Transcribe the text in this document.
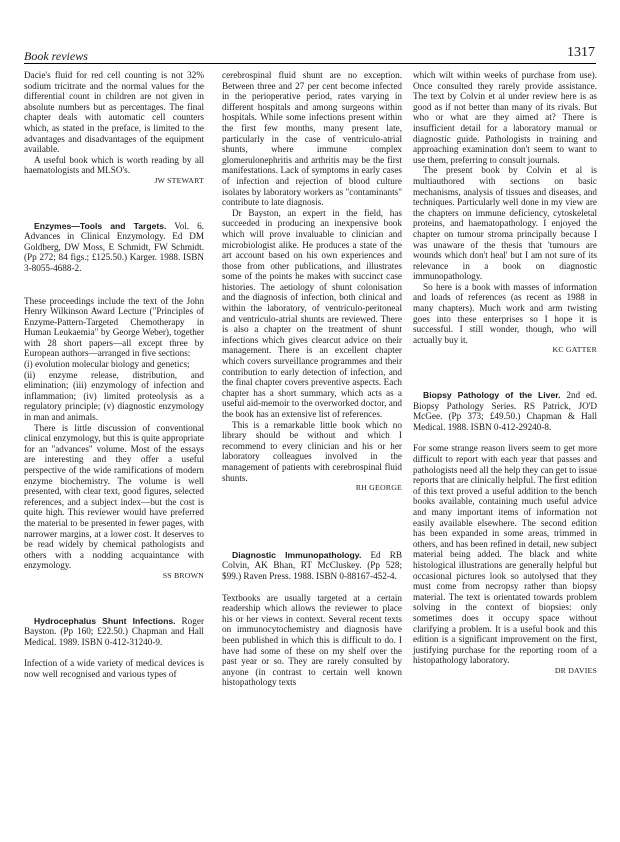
Book reviews	1317

Dacie's fluid for red cell counting is not 32% sodium tricitrate and the normal values for the differential count in children are not given in absolute numbers but as percentages. The final chapter deals with automatic cell counters which, as stated in the preface, is limited to the advantages and disadvantages of the equipment available.

A useful book which is worth reading by all haematologists and MLSO's.

JW STEWART

Enzymes—Tools and Targets. Vol. 6. Advances in Clinical Enzymology. Ed DM Goldberg, DW Moss, E Schmidt, FW Schmidt. (Pp 272; 84 figs.; £125.50.) Karger. 1988. ISBN 3-8055-4688-2.

These proceedings include the text of the John Henry Wilkinson Award Lecture ("Principles of Enzyme-Pattern-Targeted Chemotherapy in Human Leukaemia" by George Weber), together with 28 short papers—all except three by European authors—arranged in five sections:

(i) evolution molecular biology and genetics;
(ii) enzyme release, distribution, and elimination; (iii) enzymology of infection and inflammation; (iv) limited proteolysis as a regulatory principle; (v) diagnostic enzymology in man and animals.

There is little discussion of conventional clinical enzymology, but this is quite appropriate for an "advances" volume. Most of the essays are interesting and they offer a useful perspective of the wide ramifications of modern enzyme biochemistry. The volume is well presented, with clear text, good figures, selected references, and a subject index—but the cost is quite high. This reviewer would have preferred the material to be presented in fewer pages, with narrower margins, at a lower cost. It deserves to be read widely by chemical pathologists and others with a nodding acquaintance with enzymology.

SS BROWN

Hydrocephalus Shunt Infections. Roger Bayston. (Pp 160; £22.50.) Chapman and Hall Medical. 1989. ISBN 0-412-31240-9.

Infection of a wide variety of medical devices is now well recognised and various types of

cerebrospinal fluid shunt are no exception. Between three and 27 per cent become infected in the perioperative period, rates varying in different hospitals and among surgeons within hospitals. While some infections present within the first few months, many present late, particularly in the case of ventriculo-atrial shunts, where immune complex glomerulonephritis and arthritis may be the first manifestations. Lack of symptoms in early cases of infection and rejection of blood culture isolates by laboratory workers as "contaminants" contribute to late diagnosis.

Dr Bayston, an expert in the field, has succeeded in producing an inexpensive book which will prove invaluable to clinician and microbiologist alike. He produces a state of the art account based on his own experiences and those from other publications, and illustrates some of the points he makes with succinct case histories. The aetiology of shunt colonisation and the diagnosis of infection, both clinical and within the laboratory, of ventriculo-peritoneal and ventriculo-atrial shunts are reviewed. There is also a chapter on the treatment of shunt infections which gives clearcut advice on their management. There is an excellent chapter which covers surveillance programmes and their contribution to early detection of infection, and the final chapter covers preventive aspects. Each chapter has a short summary, which acts as a useful aid-memoir to the overworked doctor, and the book has an extensive list of references.

This is a remarkable little book which no library should be without and which I recommend to every clinician and his or her laboratory colleagues involved in the management of patients with cerebrospinal fluid shunts.

RH GEORGE

Diagnostic Immunopathology. Ed RB Colvin, AK Bhan, RT McCluskey. (Pp 528; $99.) Raven Press. 1988. ISBN 0-88167-452-4.

Textbooks are usually targeted at a certain readership which allows the reviewer to place his or her views in context. Several recent texts on immunocytochemistry and diagnosis have been published in which this is difficult to do. I have had some of these on my shelf over the past year or so. They are rarely consulted by anyone (in contrast to certain well known histopathology texts

which wilt within weeks of purchase from use). Once consulted they rarely provide assistance. The text by Colvin et al under review here is as good as if not better than many of its rivals. But who or what are they aimed at? There is insufficient detail for a laboratory manual or diagnostic guide. Pathologists in training and approaching examination don't seem to want to use them, preferring to consult journals.

The present book by Colvin et al is multiauthored with sections on basic mechanisms, analysis of tissues and diseases, and techniques. Particularly well done in my view are the chapters on immune deficiency, cytoskeletal proteins, and haematopathology. I enjoyed the chapter on tumour stroma principally because I was unaware of the thesis that 'tumours are wounds which don't heal' but I am not sure of its relevance in a book on diagnostic immunopathology.

So here is a book with masses of information and loads of references (as recent as 1988 in many chapters). Much work and arm twisting goes into these enterprises so I hope it is successful. I still wonder, though, who will actually buy it.

KC GATTER

Biopsy Pathology of the Liver. 2nd ed. Biopsy Pathology Series. RS Patrick, JO'D McGee. (Pp 373; £49.50.) Chapman & Hall Medical. 1988. ISBN 0-412-29240-8.

For some strange reason livers seem to get more difficult to report with each year that passes and pathologists need all the help they can get to issue reports that are clinically helpful. The first edition of this text proved a useful addition to the bench books available, containing much useful advice and many important items of information not easily available elsewhere. The second edition has been expanded in some areas, trimmed in others, and has been refined in detail, new subject material being added. The black and white histological illustrations are generally helpful but occasional pictures look so autolysed that they must come from necropsy rather than biopsy material. The text is orientated towards problem solving in the context of biopsies: only sometimes does it occupy space without clarifying a problem. It is a useful book and this edition is a significant improvement on the first, justifying purchase for the reporting room of a histopathology laboratory.

DR DAVIES
